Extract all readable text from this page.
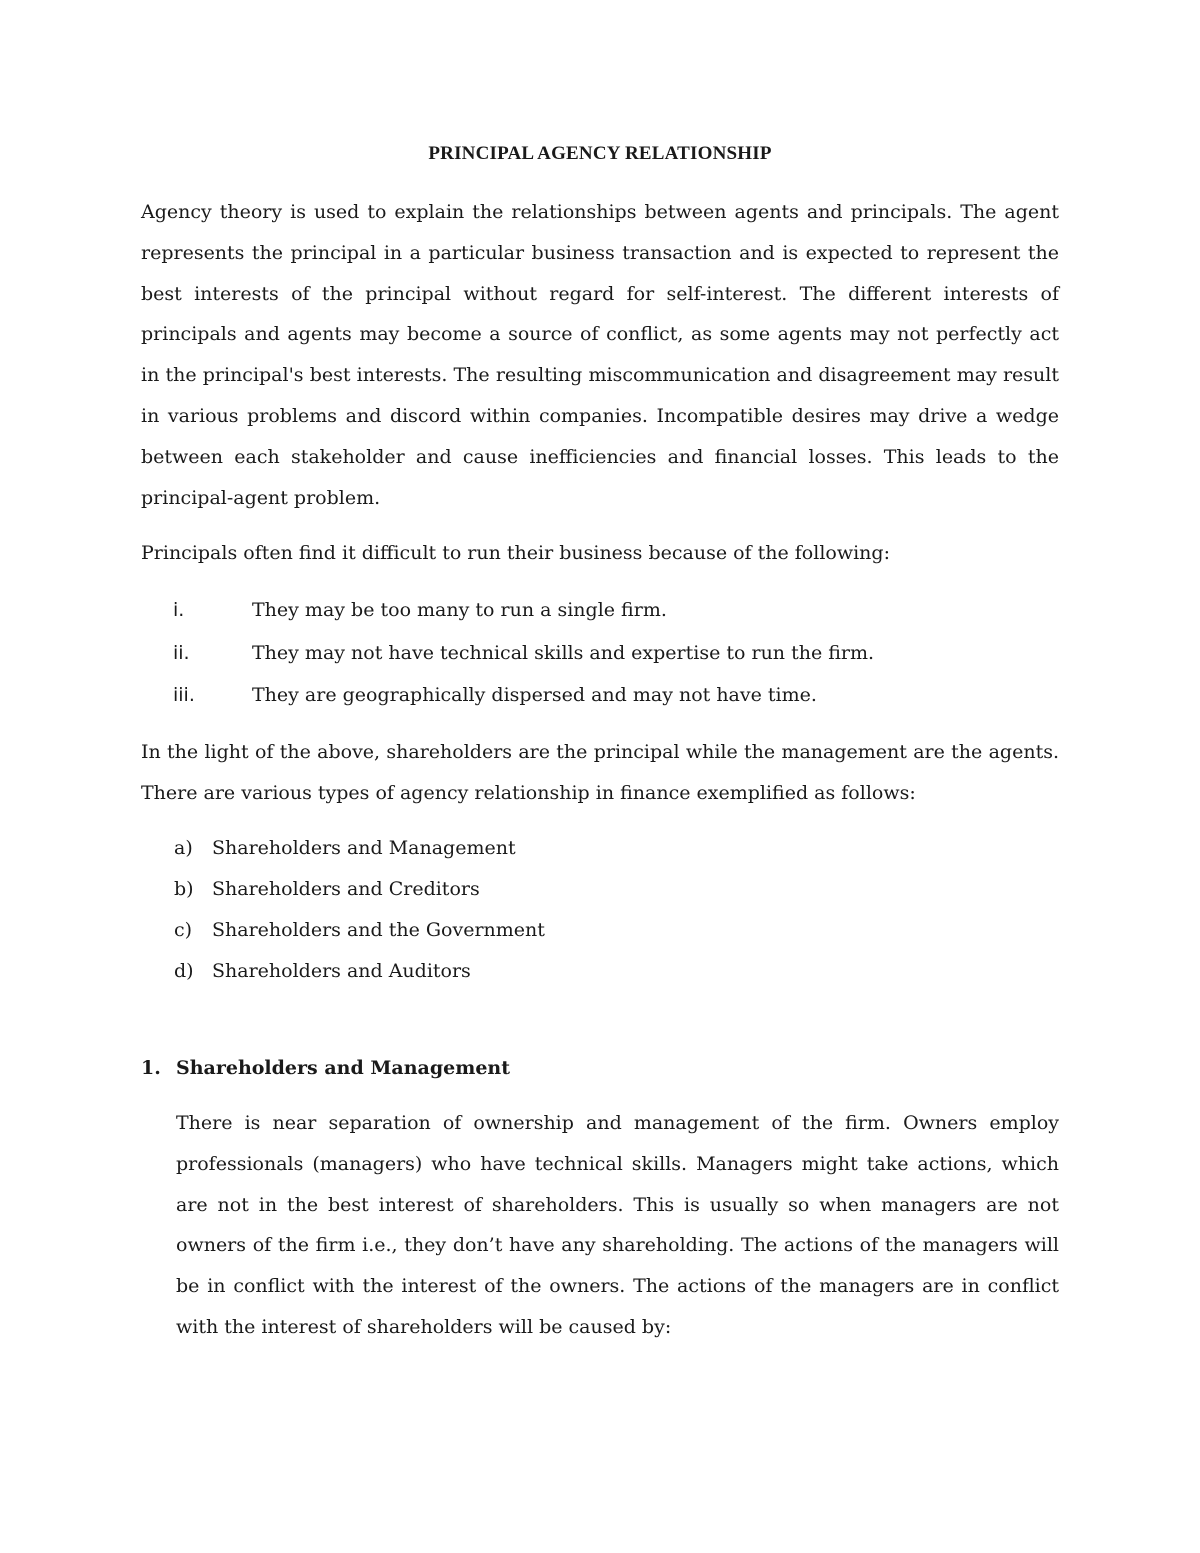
PRINCIPAL AGENCY RELATIONSHIP

Agency theory is used to explain the relationships between agents and principals. The agent represents the principal in a particular business transaction and is expected to represent the best interests of the principal without regard for self-interest. The different interests of principals and agents may become a source of conflict, as some agents may not perfectly act in the principal's best interests. The resulting miscommunication and disagreement may result in various problems and discord within companies. Incompatible desires may drive a wedge between each stakeholder and cause inefficiencies and financial losses. This leads to the principal-agent problem.

Principals often find it difficult to run their business because of the following:

i.	They may be too many to run a single firm.
ii.	They may not have technical skills and expertise to run the firm.
iii.	They are geographically dispersed and may not have time.

In the light of the above, shareholders are the principal while the management are the agents. There are various types of agency relationship in finance exemplified as follows:

a) Shareholders and Management
b) Shareholders and Creditors
c) Shareholders and the Government
d) Shareholders and Auditors
1. Shareholders and Management

There is near separation of ownership and management of the firm. Owners employ professionals (managers) who have technical skills. Managers might take actions, which are not in the best interest of shareholders. This is usually so when managers are not owners of the firm i.e., they don’t have any shareholding. The actions of the managers will be in conflict with the interest of the owners. The actions of the managers are in conflict with the interest of shareholders will be caused by:
